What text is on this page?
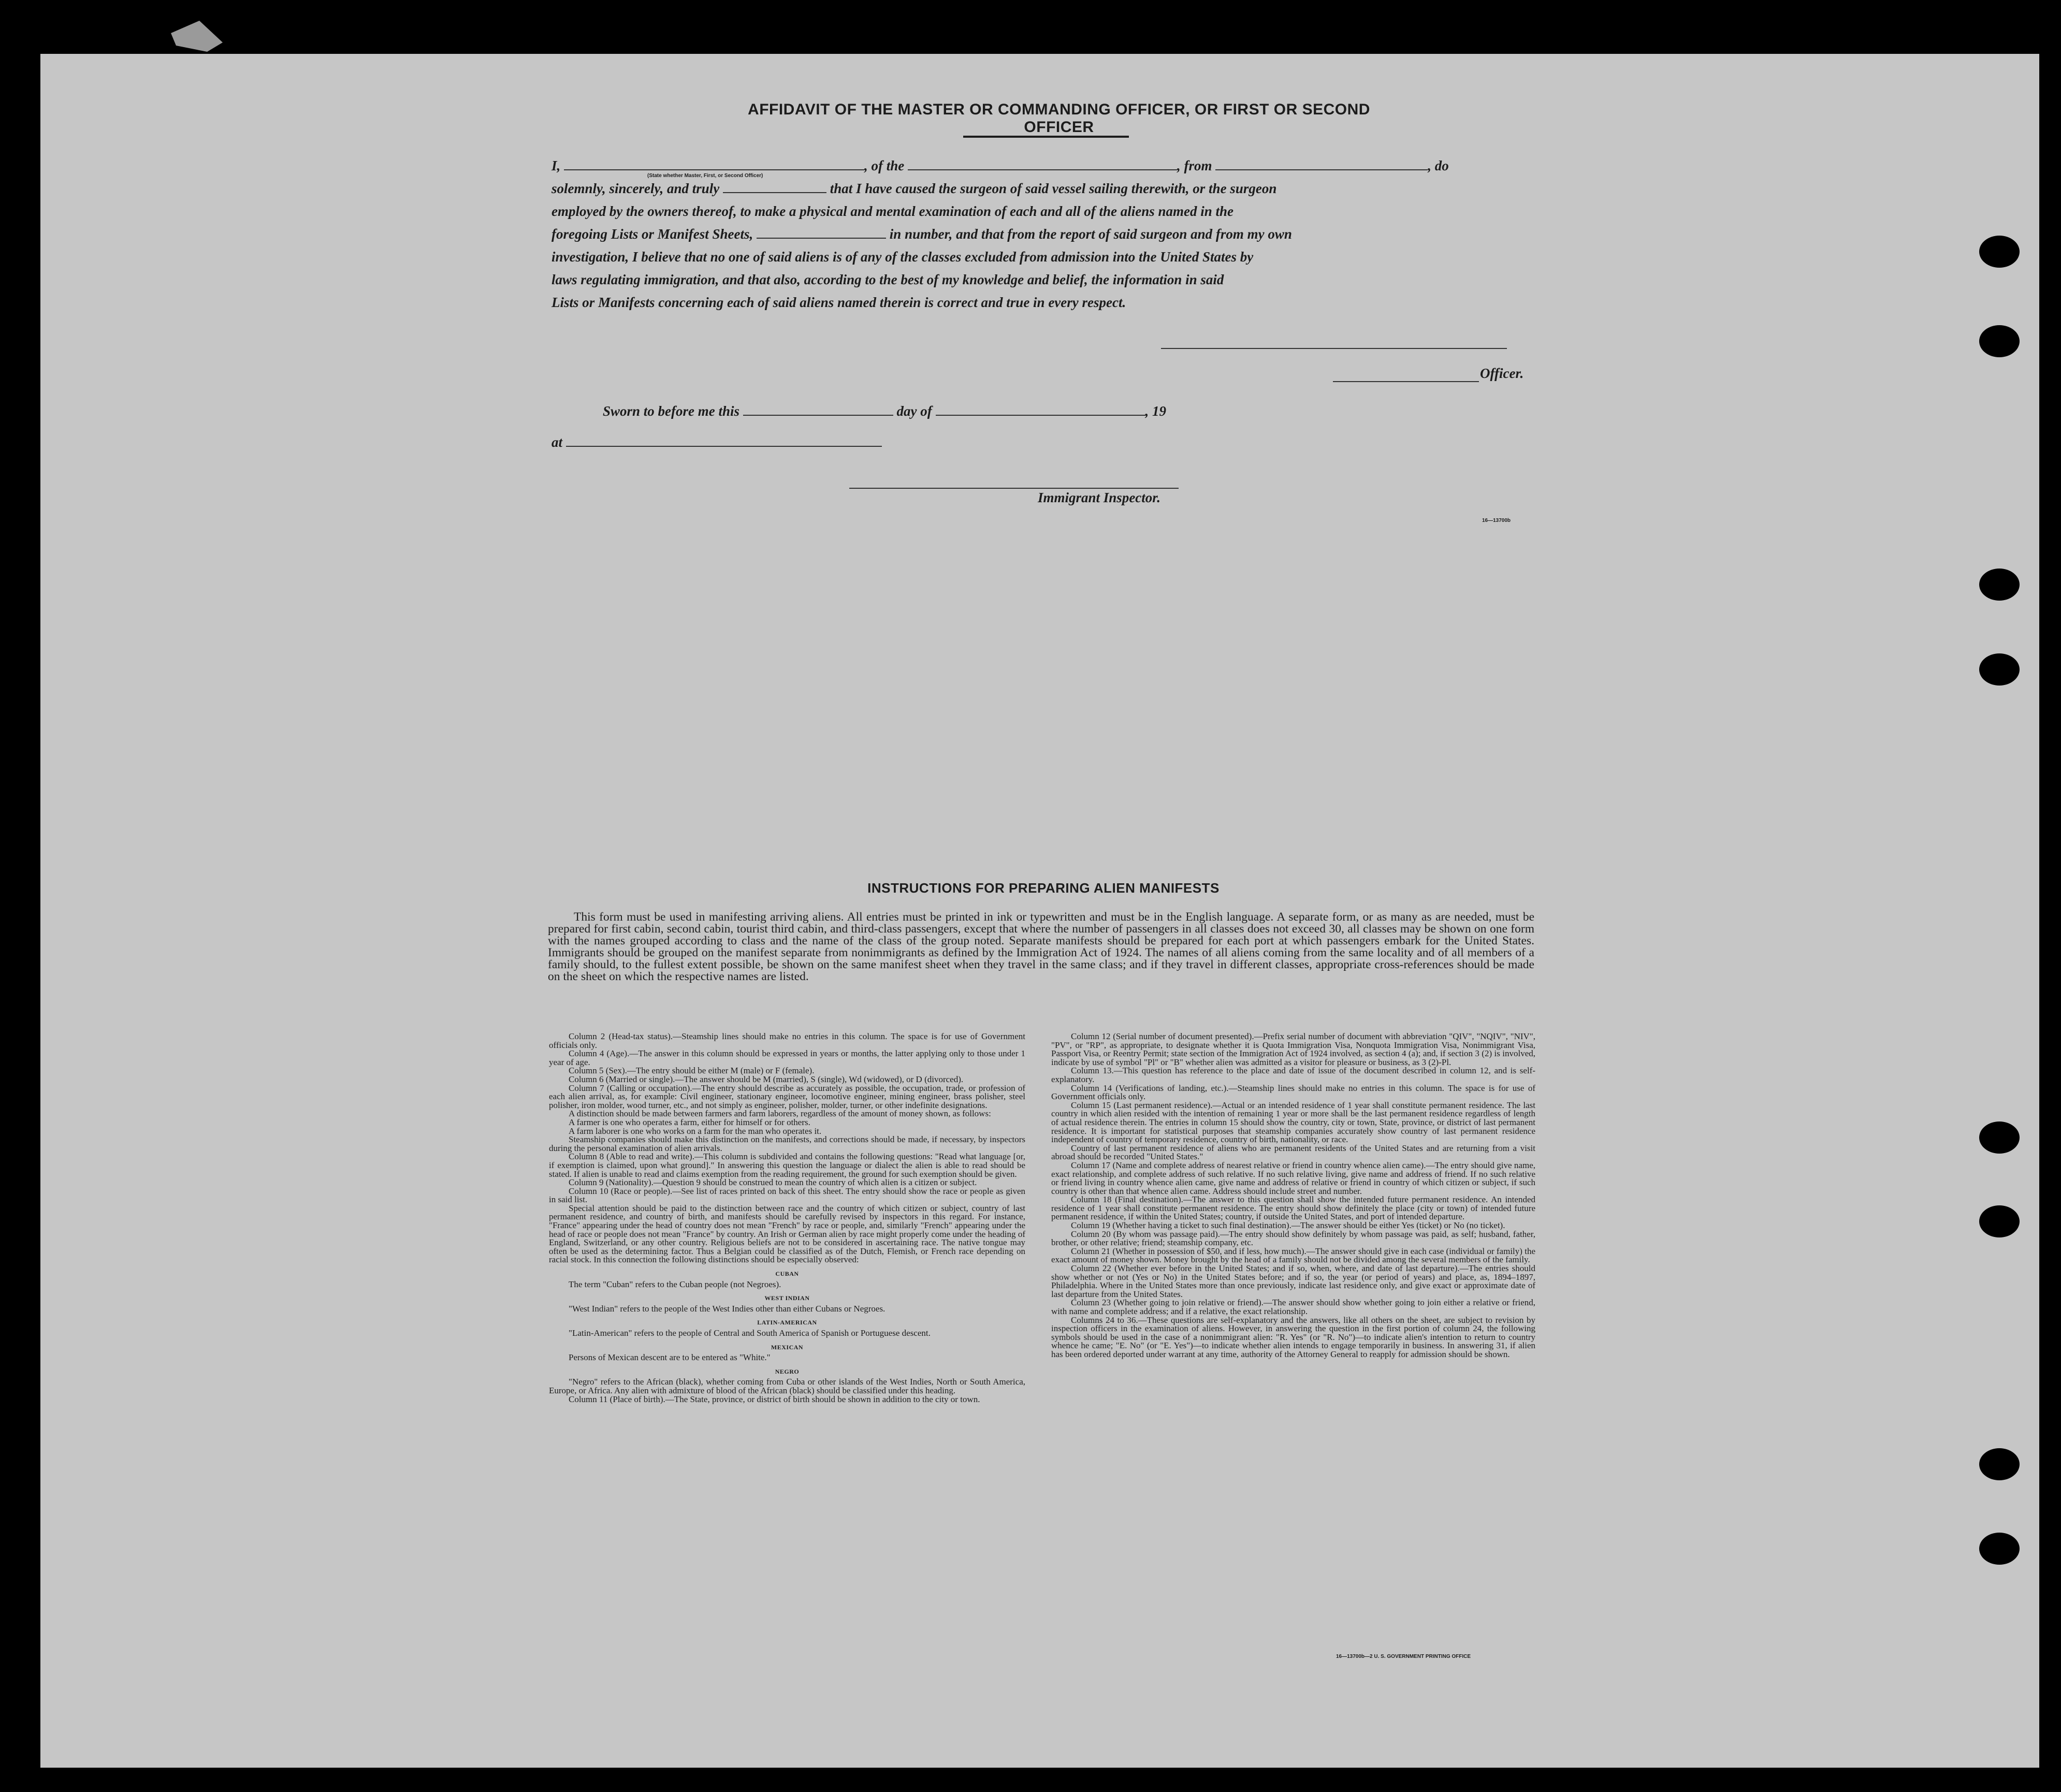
AFFIDAVIT OF THE MASTER OR COMMANDING OFFICER, OR FIRST OR SECOND OFFICER
I,	, of the	, from	, do
(State whether Master, First, or Second Officer)
solemnly, sincerely, and truly	that I have caused the surgeon of said vessel sailing therewith, or the surgeon
employed by the owners thereof, to make a physical and mental examination of each and all of the aliens named in the
foregoing Lists or Manifest Sheets,	in number, and that from the report of said surgeon and from my own
investigation, I believe that no one of said aliens is of any of the classes excluded from admission into the United States by
laws regulating immigration, and that also, according to the best of my knowledge and belief, the information in said
Lists or Manifests concerning each of said aliens named therein is correct and true in every respect.
Officer.
Sworn to before me this	day of	, 19
at
Immigrant Inspector.
16—13700b
INSTRUCTIONS FOR PREPARING ALIEN MANIFESTS
This form must be used in manifesting arriving aliens. All entries must be printed in ink or typewritten and must be in the English language. A separate form, or as many as are needed, must be prepared for first cabin, second cabin, tourist third cabin, and third-class passengers, except that where the number of passengers in all classes does not exceed 30, all classes may be shown on one form with the names grouped according to class and the name of the class of the group noted. Separate manifests should be prepared for each port at which passengers embark for the United States. Immigrants should be grouped on the manifest separate from nonimmigrants as defined by the Immigration Act of 1924. The names of all aliens coming from the same locality and of all members of a family should, to the fullest extent possible, be shown on the same manifest sheet when they travel in the same class; and if they travel in different classes, appropriate cross-references should be made on the sheet on which the respective names are listed.

Column 2 (Head-tax status).—Steamship lines should make no entries in this column. The space is for use of Government officials only.

Column 4 (Age).—The answer in this column should be expressed in years or months, the latter applying only to those under 1 year of age.

Column 5 (Sex).—The entry should be either M (male) or F (female).

Column 6 (Married or single).—The answer should be M (married), S (single), Wd (widowed), or D (divorced).

Column 7 (Calling or occupation).—The entry should describe as accurately as possible, the occupation, trade, or profession of each alien arrival, as, for example: Civil engineer, stationary engineer, locomotive engineer, mining engineer, brass polisher, steel polisher, iron molder, wood turner, etc., and not simply as engineer, polisher, molder, turner, or other indefinite designations.

A distinction should be made between farmers and farm laborers, regardless of the amount of money shown, as follows:

A farmer is one who operates a farm, either for himself or for others.

A farm laborer is one who works on a farm for the man who operates it.

Steamship companies should make this distinction on the manifests, and corrections should be made, if necessary, by inspectors during the personal examination of alien arrivals.

Column 8 (Able to read and write).—This column is subdivided and contains the following questions: "Read what language [or, if exemption is claimed, upon what ground]." In answering this question the language or dialect the alien is able to read should be stated. If alien is unable to read and claims exemption from the reading requirement, the ground for such exemption should be given.

Column 9 (Nationality).—Question 9 should be construed to mean the country of which alien is a citizen or subject.

Column 10 (Race or people).—See list of races printed on back of this sheet. The entry should show the race or people as given in said list.

Special attention should be paid to the distinction between race and the country of which citizen or subject, country of last permanent residence, and country of birth, and manifests should be carefully revised by inspectors in this regard. For instance, "France" appearing under the head of country does not mean "French" by race or people, and, similarly "French" appearing under the head of race or people does not mean "France" by country. An Irish or German alien by race might properly come under the heading of England, Switzerland, or any other country. Religious beliefs are not to be considered in ascertaining race. The native tongue may often be used as the determining factor. Thus a Belgian could be classified as of the Dutch, Flemish, or French race depending on racial stock. In this connection the following distinctions should be especially observed:

CUBAN

The term "Cuban" refers to the Cuban people (not Negroes).

WEST INDIAN

"West Indian" refers to the people of the West Indies other than either Cubans or Negroes.

LATIN-AMERICAN

"Latin-American" refers to the people of Central and South America of Spanish or Portuguese descent.

MEXICAN

Persons of Mexican descent are to be entered as "White."

NEGRO

"Negro" refers to the African (black), whether coming from Cuba or other islands of the West Indies, North or South America, Europe, or Africa. Any alien with admixture of blood of the African (black) should be classified under this heading.

Column 11 (Place of birth).—The State, province, or district of birth should be shown in addition to the city or town.

Column 12 (Serial number of document presented).—Prefix serial number of document with abbreviation "QIV", "NQIV", "NIV", "PV", or "RP", as appropriate, to designate whether it is Quota Immigration Visa, Nonquota Immigration Visa, Nonimmigrant Visa, Passport Visa, or Reentry Permit; state section of the Immigration Act of 1924 involved, as section 4 (a); and, if section 3 (2) is involved, indicate by use of symbol "Pl" or "B" whether alien was admitted as a visitor for pleasure or business, as 3 (2)-Pl.

Column 13.—This question has reference to the place and date of issue of the document described in column 12, and is self-explanatory.

Column 14 (Verifications of landing, etc.).—Steamship lines should make no entries in this column. The space is for use of Government officials only.

Column 15 (Last permanent residence).—Actual or an intended residence of 1 year shall constitute permanent residence. The last country in which alien resided with the intention of remaining 1 year or more shall be the last permanent residence regardless of length of actual residence therein. The entries in column 15 should show the country, city or town, State, province, or district of last permanent residence. It is important for statistical purposes that steamship companies accurately show country of last permanent residence independent of country of temporary residence, country of birth, nationality, or race.

Country of last permanent residence of aliens who are permanent residents of the United States and are returning from a visit abroad should be recorded "United States."

Column 17 (Name and complete address of nearest relative or friend in country whence alien came).—The entry should give name, exact relationship, and complete address of such relative. If no such relative living, give name and address of friend. If no such relative or friend living in country whence alien came, give name and address of relative or friend in country of which citizen or subject, if such country is other than that whence alien came. Address should include street and number.

Column 18 (Final destination).—The answer to this question shall show the intended future permanent residence. An intended residence of 1 year shall constitute permanent residence. The entry should show definitely the place (city or town) of intended future permanent residence, if within the United States; country, if outside the United States, and port of intended departure.

Column 19 (Whether having a ticket to such final destination).—The answer should be either Yes (ticket) or No (no ticket).

Column 20 (By whom was passage paid).—The entry should show definitely by whom passage was paid, as self; husband, father, brother, or other relative; friend; steamship company, etc.

Column 21 (Whether in possession of $50, and if less, how much).—The answer should give in each case (individual or family) the exact amount of money shown. Money brought by the head of a family should not be divided among the several members of the family.

Column 22 (Whether ever before in the United States; and if so, when, where, and date of last departure).—The entries should show whether or not (Yes or No) in the United States before; and if so, the year (or period of years) and place, as, 1894–1897, Philadelphia. Where in the United States more than once previously, indicate last residence only, and give exact or approximate date of last departure from the United States.

Column 23 (Whether going to join relative or friend).—The answer should show whether going to join either a relative or friend, with name and complete address; and if a relative, the exact relationship.

Columns 24 to 36.—These questions are self-explanatory and the answers, like all others on the sheet, are subject to revision by inspection officers in the examination of aliens. However, in answering the question in the first portion of column 24, the following symbols should be used in the case of a nonimmigrant alien: "R. Yes" (or "R. No")—to indicate alien's intention to return to country whence he came; "E. No" (or "E. Yes")—to indicate whether alien intends to engage temporarily in business. In answering 31, if alien has been ordered deported under warrant at any time, authority of the Attorney General to reapply for admission should be shown.

16—13700b—2 U. S. GOVERNMENT PRINTING OFFICE
